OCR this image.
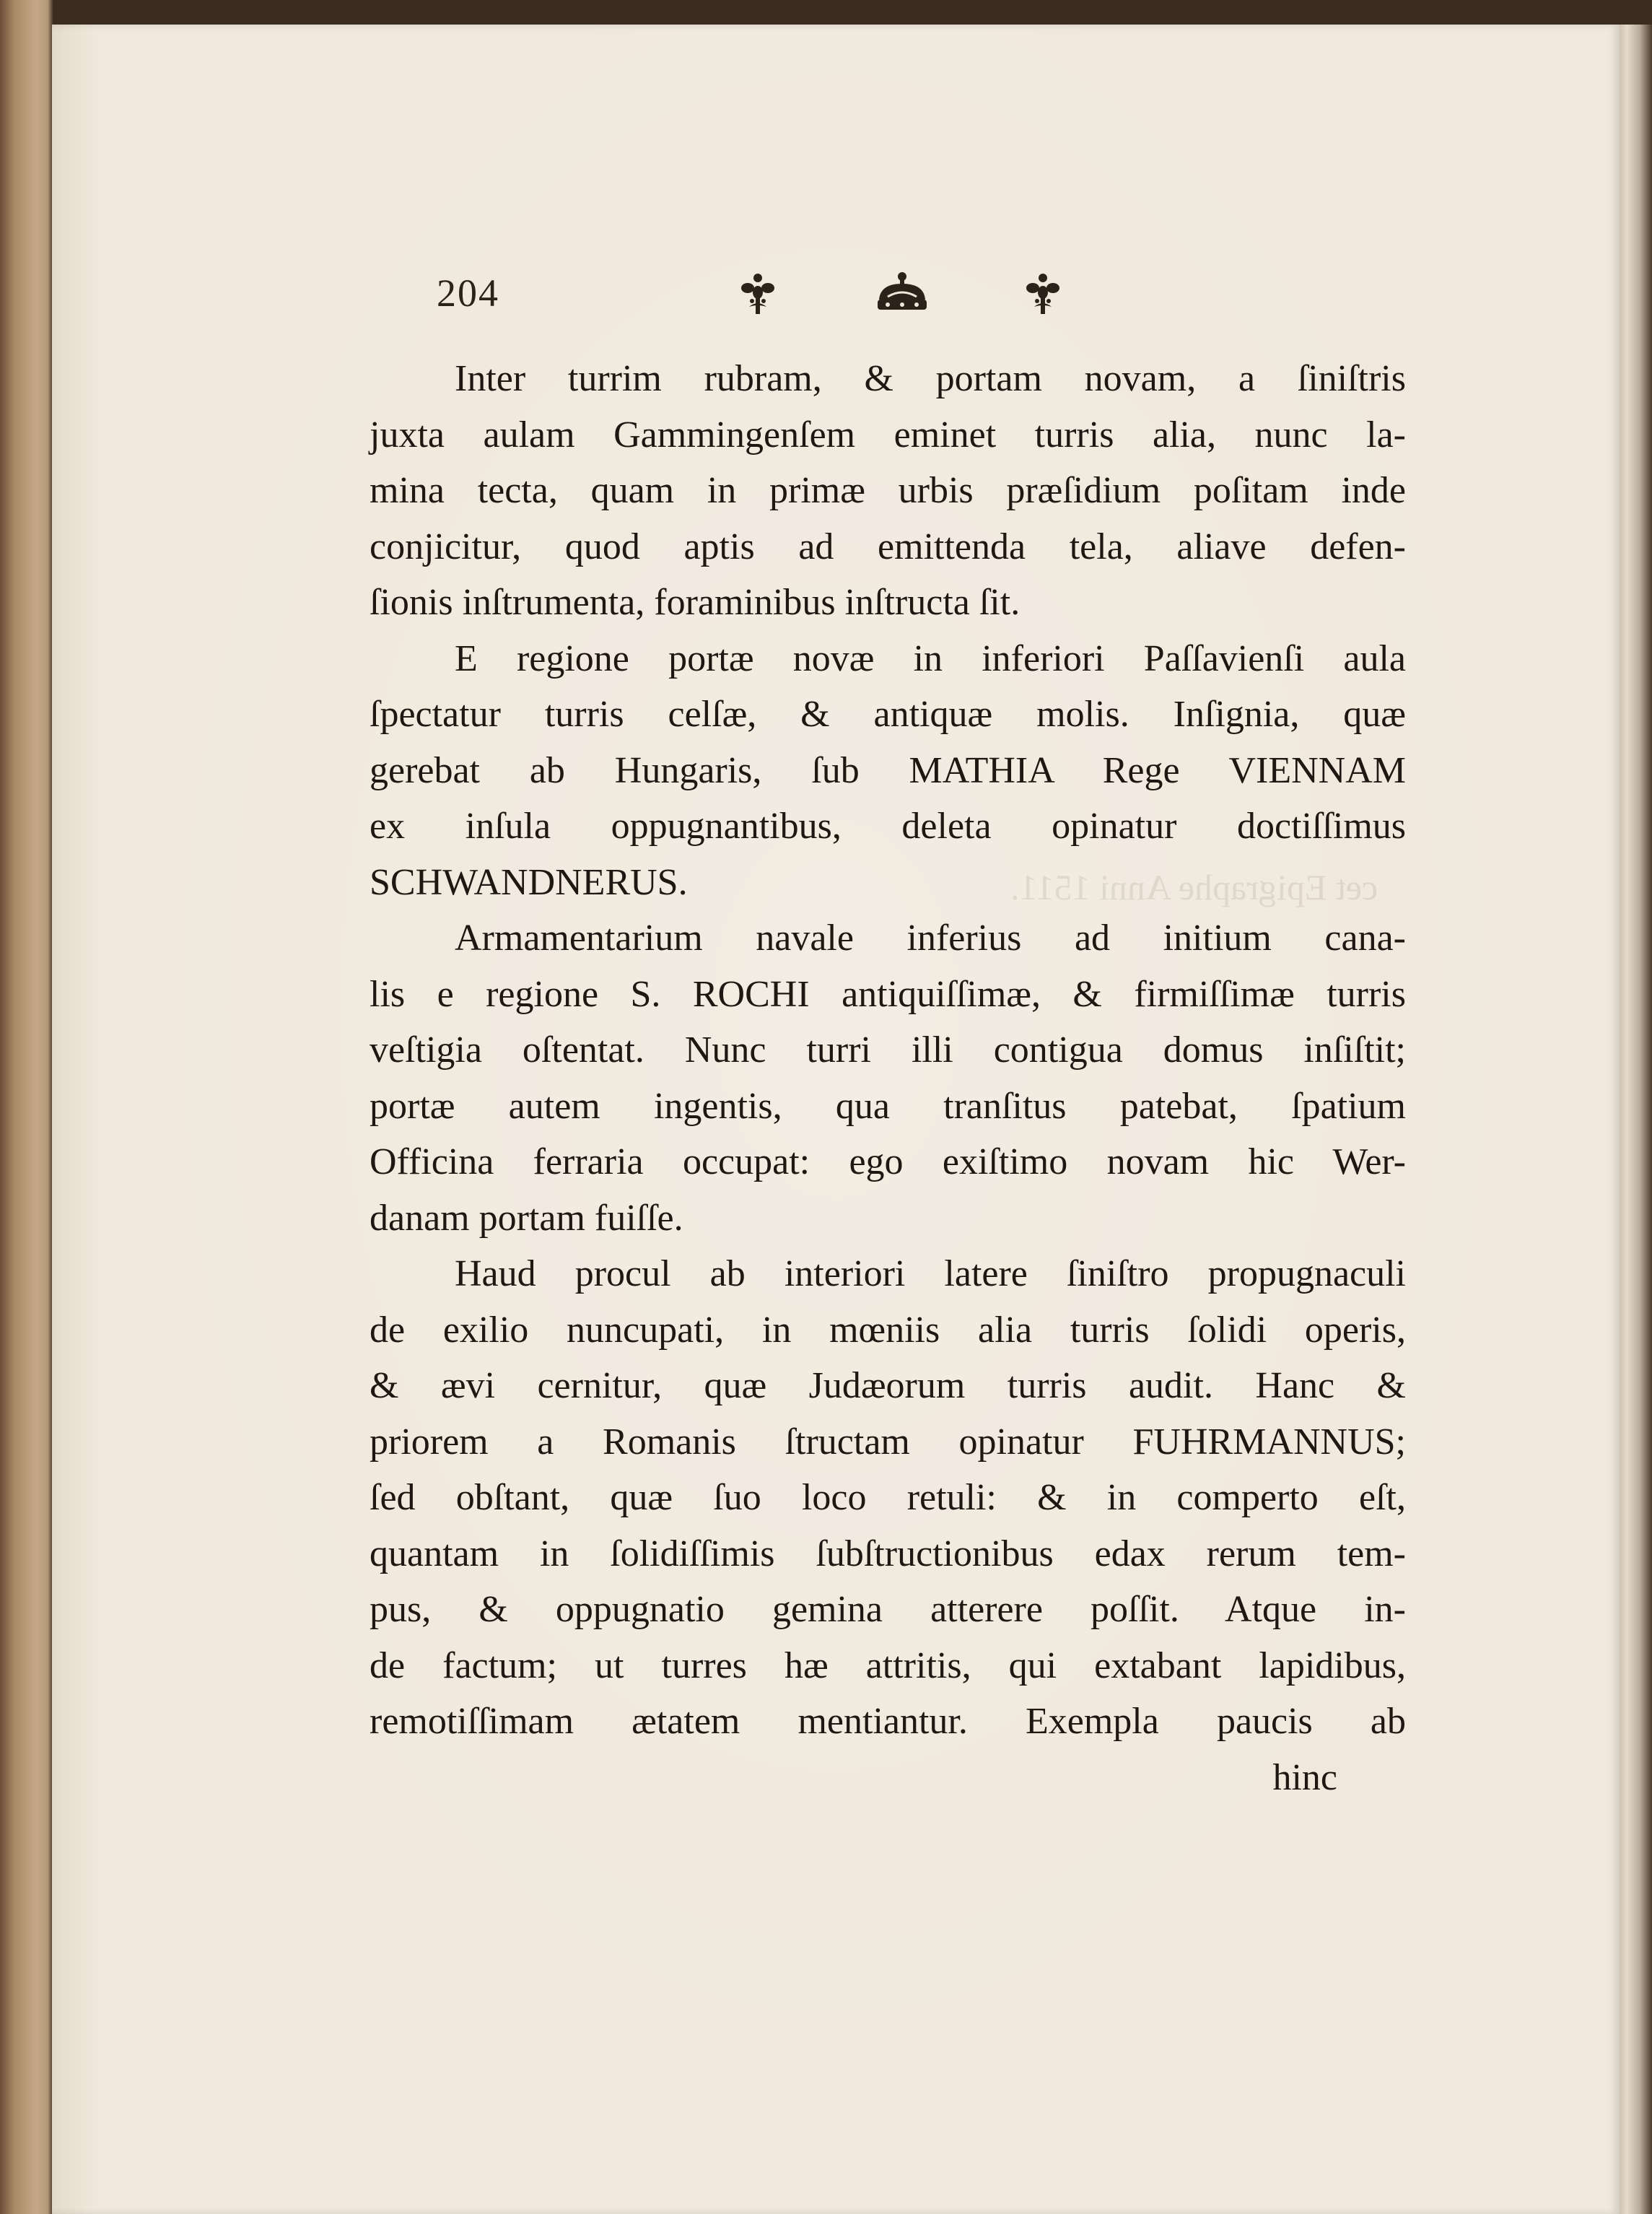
204
cet Epigraphe Anni 1511.
Inter turrim rubram, & portam novam, a ſiniſtris
juxta aulam Gammingenſem eminet turris alia, nunc la-
mina tecta, quam in primæ urbis præſidium poſitam inde
conjicitur, quod aptis ad emittenda tela, aliave defen-
ſionis inſtrumenta, foraminibus inſtructa ſit.
E regione portæ novæ in inferiori Paſſavienſi aula
ſpectatur turris celſæ, & antiquæ molis. Inſignia, quæ
gerebat ab Hungaris, ſub MATHIA Rege VIENNAM
ex inſula oppugnantibus, deleta opinatur doctiſſimus
SCHWANDNERUS.
Armamentarium navale inferius ad initium cana-
lis e regione S. ROCHI antiquiſſimæ, & firmiſſimæ turris
veſtigia oſtentat. Nunc turri illi contigua domus inſiſtit;
portæ autem ingentis, qua tranſitus patebat, ſpatium
Officina ferraria occupat: ego exiſtimo novam hic Wer-
danam portam fuiſſe.
Haud procul ab interiori latere ſiniſtro propugnaculi
de exilio nuncupati, in mœniis alia turris ſolidi operis,
& ævi cernitur, quæ Judæorum turris audit. Hanc &
priorem a Romanis ſtructam opinatur FUHRMANNUS;
ſed obſtant, quæ ſuo loco retuli: & in comperto eſt,
quantam in ſolidiſſimis ſubſtructionibus edax rerum tem-
pus, & oppugnatio gemina atterere poſſit. Atque in-
de factum; ut turres hæ attritis, qui extabant lapidibus,
remotiſſimam ætatem mentiantur. Exempla paucis ab
hinc
